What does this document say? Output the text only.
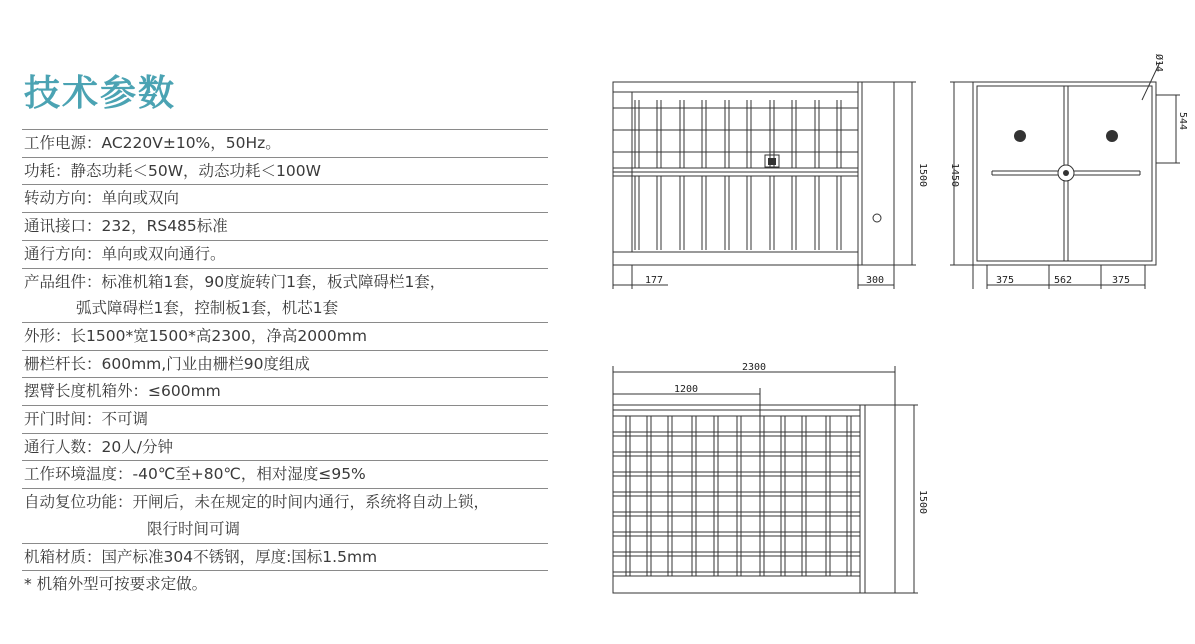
技术参数
工作电源：AC220V±10%，50Hz。
功耗：静态功耗＜50W，动态功耗＜100W
转动方向：单向或双向
通讯接口：232，RS485标准
通行方向：单向或双向通行。
产品组件：标准机箱1套，90度旋转门1套，板式障碍栏1套，
弧式障碍栏1套，控制板1套，机芯1套
外形：长1500*宽1500*高2300，净高2000mm
栅栏杆长：600mm,门业由栅栏90度组成
摆臂长度机箱外：≤600mm
开门时间：不可调
通行人数：20人/分钟
工作环境温度：-40℃至+80℃，相对湿度≤95%
自动复位功能：开闸后，未在规定的时间内通行，系统将自动上锁，
限行时间可调
机箱材质：国产标准304不锈钢，厚度:国标1.5mm
* 机箱外型可按要求定做。
1500
177	300
1450
Ø14
544
375	562	375
2300
1200
1500
